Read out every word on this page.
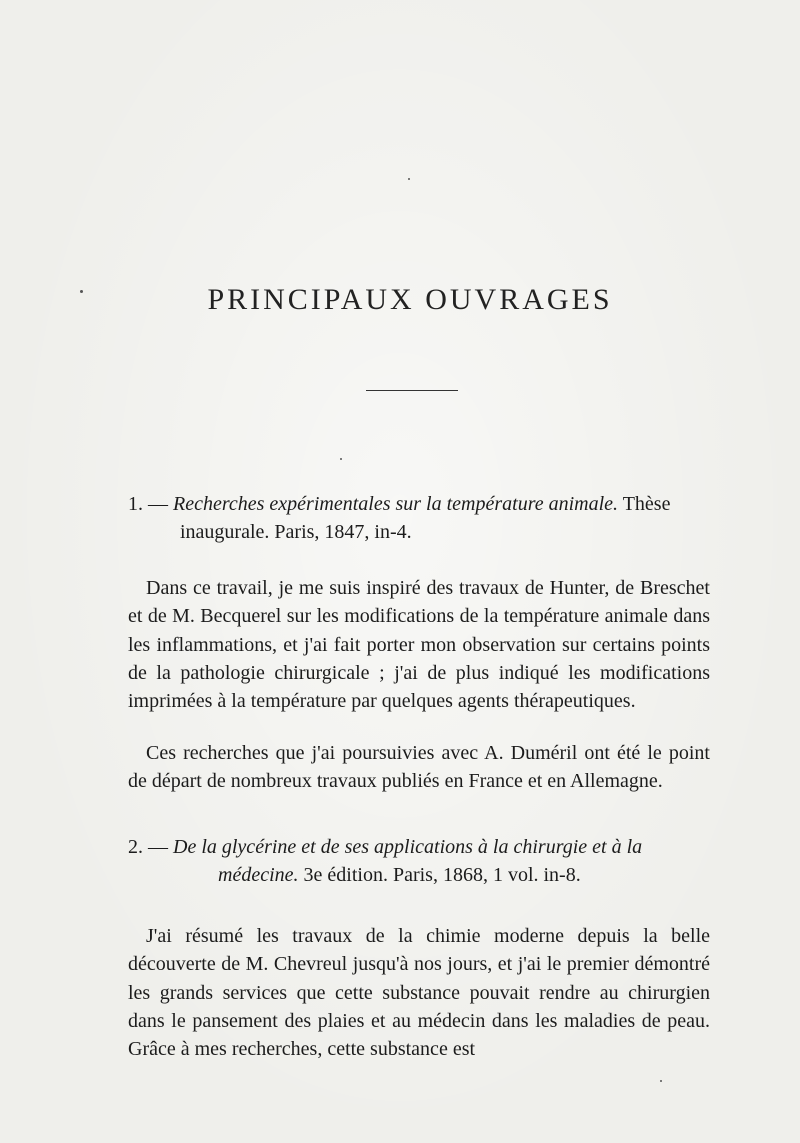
PRINCIPAUX OUVRAGES

1. — Recherches expérimentales sur la température animale. Thèse
inaugurale. Paris, 1847, in-4.

Dans ce travail, je me suis inspiré des travaux de Hunter, de Breschet et de M. Becquerel sur les modifications de la température animale dans les inflammations, et j'ai fait porter mon observation sur certains points de la pathologie chirurgicale ; j'ai de plus indiqué les modifications imprimées à la température par quelques agents thérapeutiques.

Ces recherches que j'ai poursuivies avec A. Duméril ont été le point de départ de nombreux travaux publiés en France et en Allemagne.

2. — De la glycérine et de ses applications à la chirurgie et à la
médecine. 3e édition. Paris, 1868, 1 vol. in-8.

J'ai résumé les travaux de la chimie moderne depuis la belle découverte de M. Chevreul jusqu'à nos jours, et j'ai le premier démontré les grands services que cette substance pouvait rendre au chirurgien dans le pansement des plaies et au médecin dans les maladies de peau. Grâce à mes recherches, cette substance est
